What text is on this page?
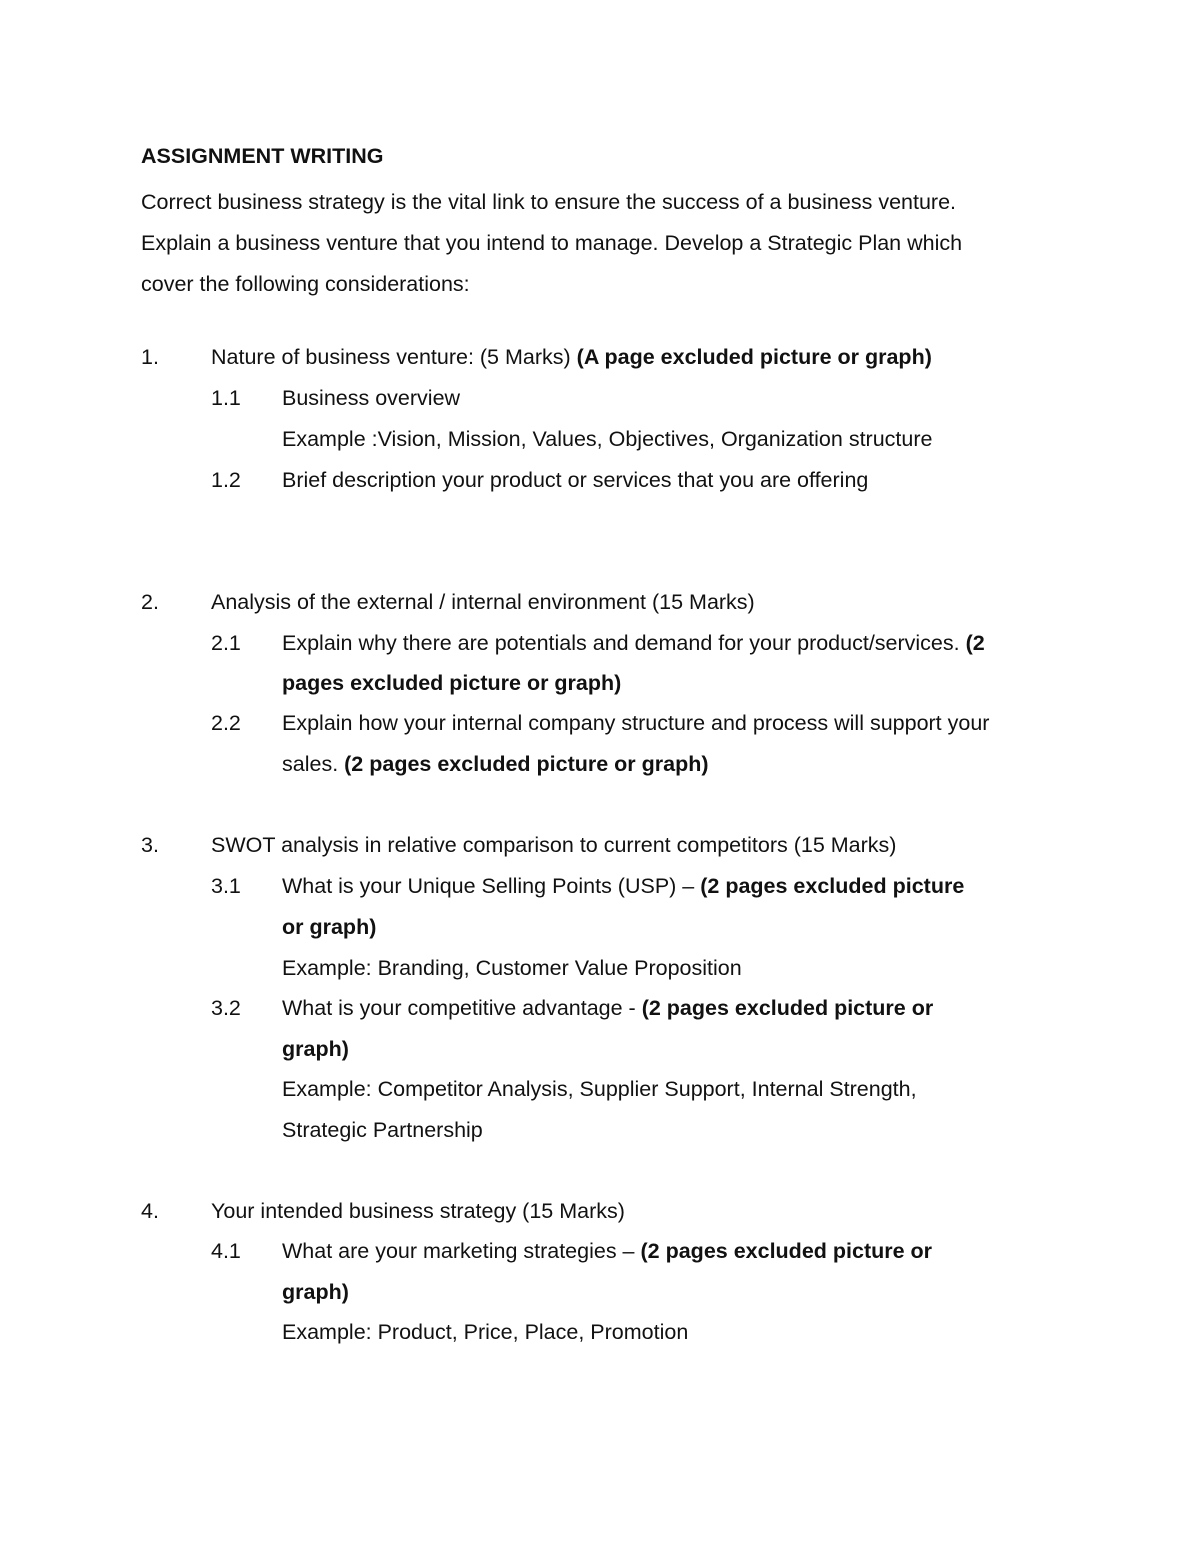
ASSIGNMENT WRITING
Correct business strategy is the vital link to ensure the success of a business venture.
Explain a business venture that you intend to manage. Develop a Strategic Plan which
cover the following considerations:
1. Nature of business venture: (5 Marks) (A page excluded picture or graph)
1.1 Business overview
Example :Vision, Mission, Values, Objectives, Organization structure
1.2 Brief description your product or services that you are offering
2. Analysis of the external / internal environment (15 Marks)
2.1 Explain why there are potentials and demand for your product/services. (2
pages excluded picture or graph)
2.2 Explain how your internal company structure and process will support your
sales. (2 pages excluded picture or graph)
3. SWOT analysis in relative comparison to current competitors (15 Marks)
3.1 What is your Unique Selling Points (USP) – (2 pages excluded picture
or graph)
Example: Branding, Customer Value Proposition
3.2 What is your competitive advantage - (2 pages excluded picture or
graph)
Example: Competitor Analysis, Supplier Support, Internal Strength,
Strategic Partnership
4. Your intended business strategy (15 Marks)
4.1 What are your marketing strategies – (2 pages excluded picture or
graph)
Example: Product, Price, Place, Promotion
